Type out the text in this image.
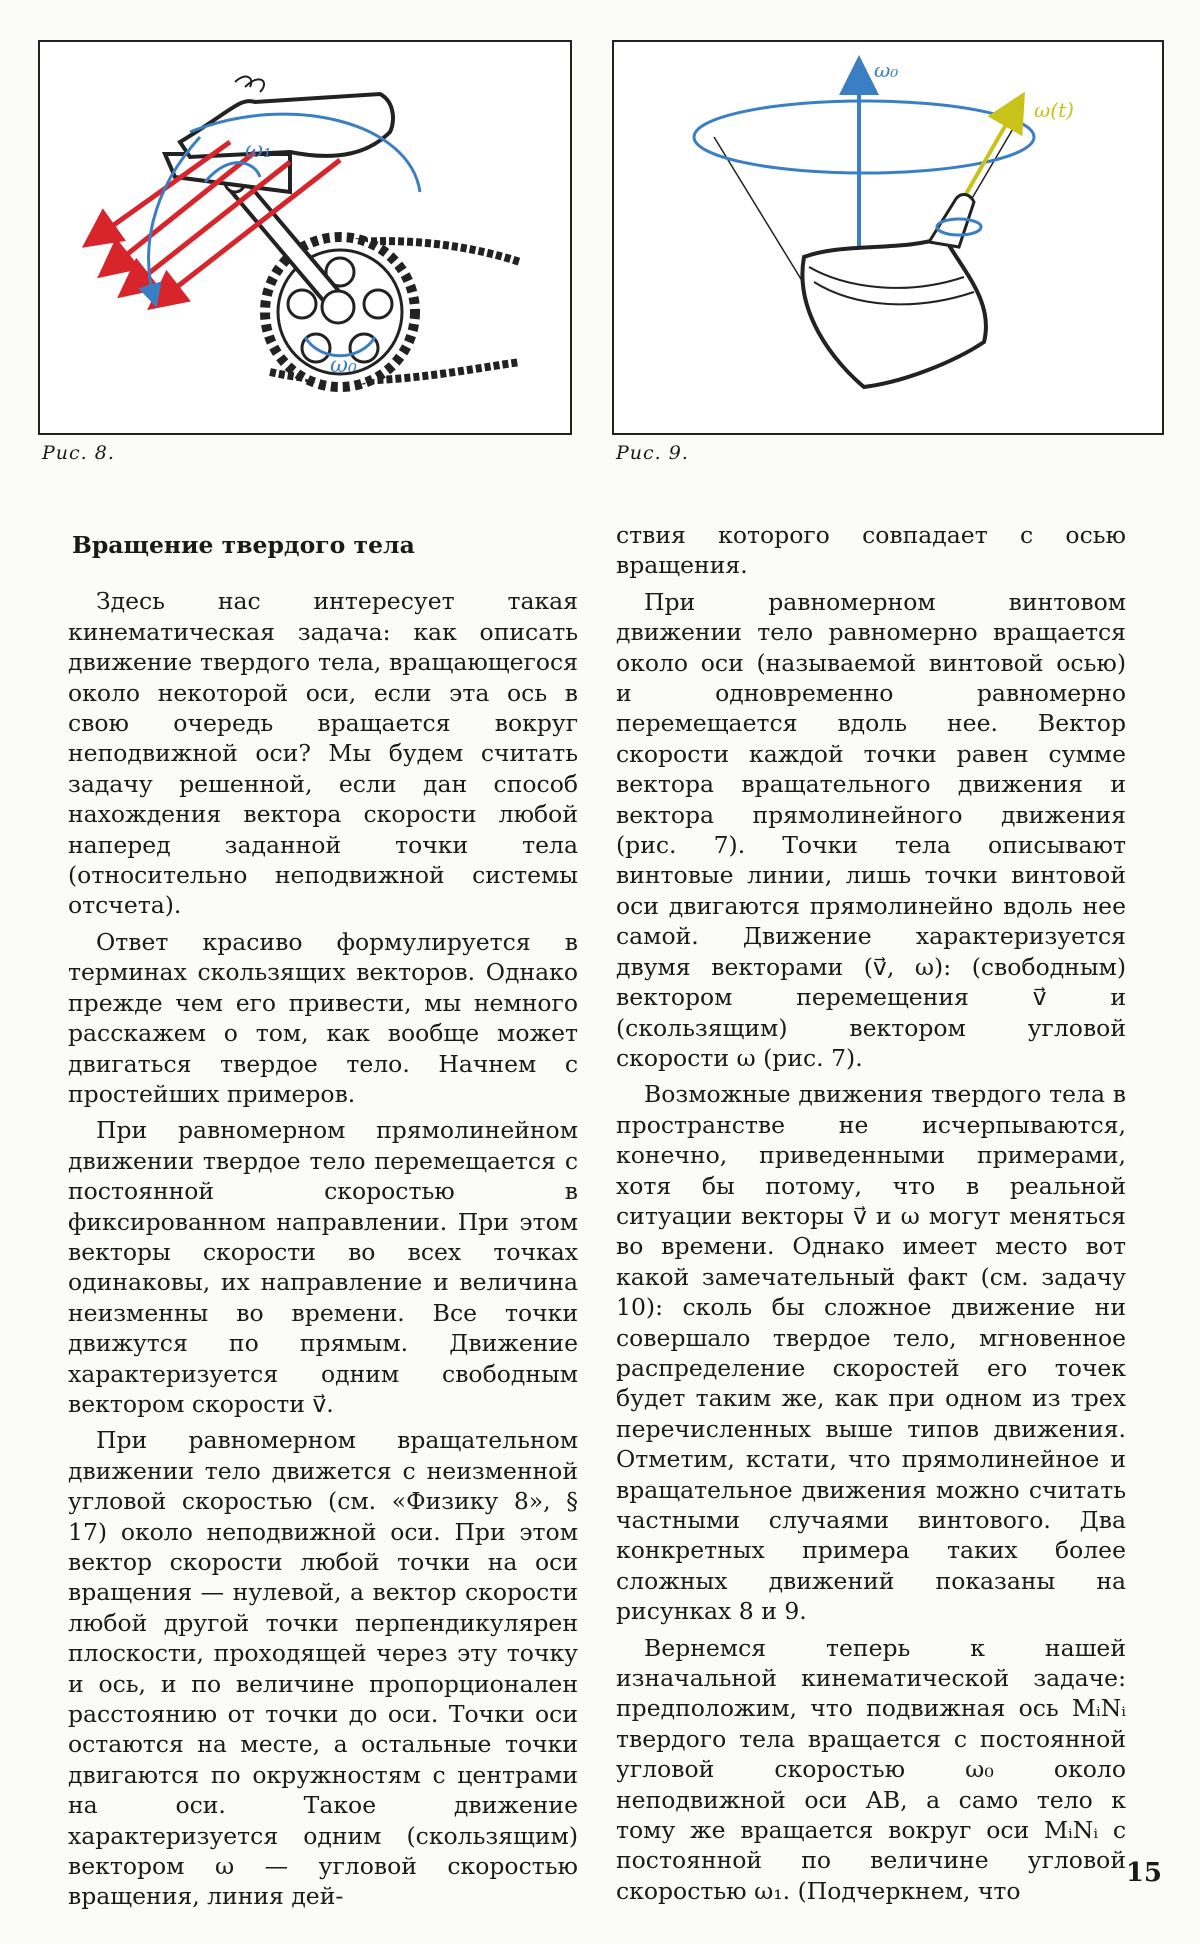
ω₁
ω₀
ω₀
ω(t)
Рис. 8.	Рис. 9.
Вращение твердого тела

Здесь нас интересует такая кинематическая задача: как описать движение твердого тела, вращающегося около некоторой оси, если эта ось в свою очередь вращается вокруг неподвижной оси? Мы будем считать задачу решенной, если дан способ нахождения вектора скорости любой наперед заданной точки тела (относительно неподвижной системы отсчета).

Ответ красиво формулируется в терминах скользящих векторов. Однако прежде чем его привести, мы немного расскажем о том, как вообще может двигаться твердое тело. Начнем с простейших примеров.

При равномерном прямолинейном движении твердое тело перемещается с постоянной скоростью в фиксированном направлении. При этом векторы скорости во всех точках одинаковы, их направление и величина неизменны во времени. Все точки движутся по прямым. Движение характеризуется одним свободным вектором скорости v⃗.

При равномерном вращательном движении тело движется с неизменной угловой скоростью (см. «Физику 8», § 17) около неподвижной оси. При этом вектор скорости любой точки на оси вращения — нулевой, а вектор скорости любой другой точки перпендикулярен плоскости, проходящей через эту точку и ось, и по величине пропорционален расстоянию от точки до оси. Точки оси остаются на месте, а остальные точки двигаются по окружностям с центрами на оси. Такое движение характеризуется одним (скользящим) вектором ω — угловой скоростью вращения, линия дей-

ствия которого совпадает с осью вращения.

При равномерном винтовом движении тело равномерно вращается около оси (называемой винтовой осью) и одновременно равномерно перемещается вдоль нее. Вектор скорости каждой точки равен сумме вектора вращательного движения и вектора прямолинейного движения (рис. 7). Точки тела описывают винтовые линии, лишь точки винтовой оси двигаются прямолинейно вдоль нее самой. Движение характеризуется двумя векторами (v⃗, ω): (свободным) вектором перемещения v⃗ и (скользящим) вектором угловой скорости ω (рис. 7).

Возможные движения твердого тела в пространстве не исчерпываются, конечно, приведенными примерами, хотя бы потому, что в реальной ситуации векторы v⃗ и ω могут меняться во времени. Однако имеет место вот какой замечательный факт (см. задачу 10): сколь бы сложное движение ни совершало твердое тело, мгновенное распределение скоростей его точек будет таким же, как при одном из трех перечисленных выше типов движения. Отметим, кстати, что прямолинейное и вращательное движения можно считать частными случаями винтового. Два конкретных примера таких более сложных движений показаны на рисунках 8 и 9.

Вернемся теперь к нашей изначальной кинематической задаче: предположим, что подвижная ось MᵢNᵢ твердого тела вращается с постоянной угловой скоростью ω₀ около неподвижной оси AB, а само тело к тому же вращается вокруг оси MᵢNᵢ с постоянной по величине угловой скоростью ω₁. (Подчеркнем, что

15
